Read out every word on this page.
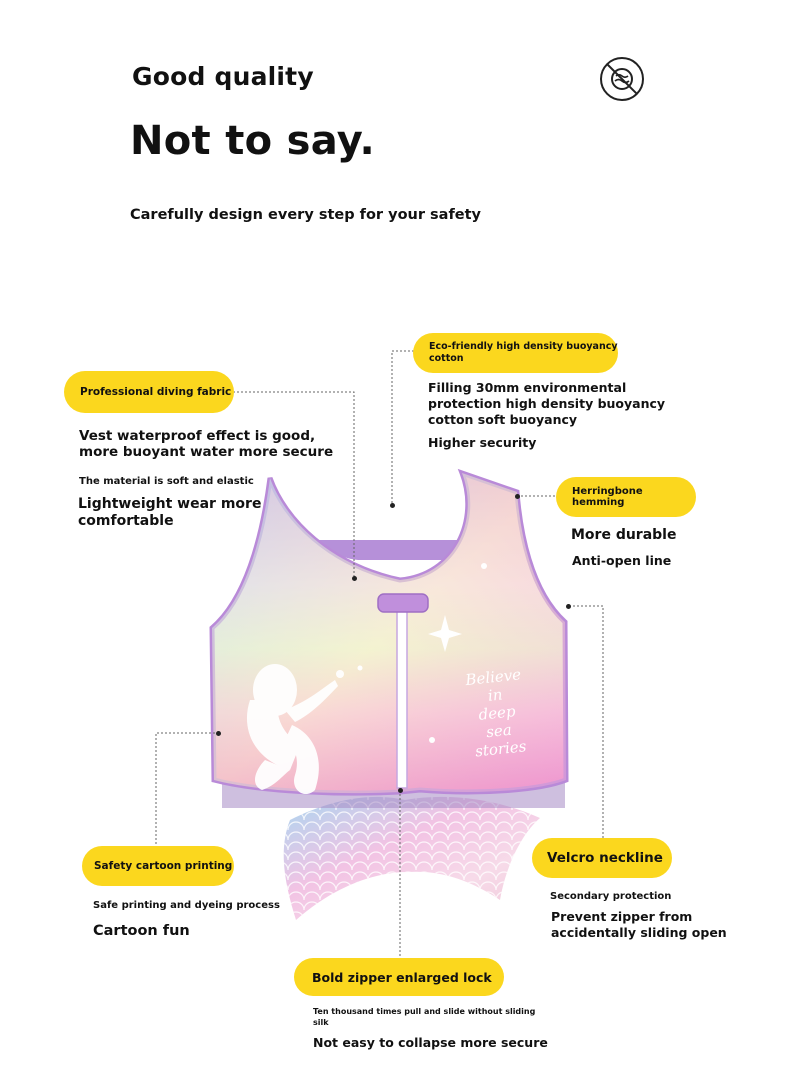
Good quality
Not to say.
Carefully design every step for your safety
Believe
in
deep
sea
stories
Professional diving fabric
Vest waterproof effect is good,
more buoyant water more secure
The material is soft and elastic
Lightweight wear more
comfortable
Eco-friendly high density buoyancy
cotton
Filling 30mm environmental
protection high density buoyancy
cotton soft buoyancy
Higher security
Herringbone hemming
More durable
Anti-open line
Safety cartoon printing
Safe printing and dyeing process
Cartoon fun
Velcro neckline
Secondary protection
Prevent zipper from
accidentally sliding open
Bold zipper enlarged lock
Ten thousand times pull and slide without sliding
silk
Not easy to collapse more secure
